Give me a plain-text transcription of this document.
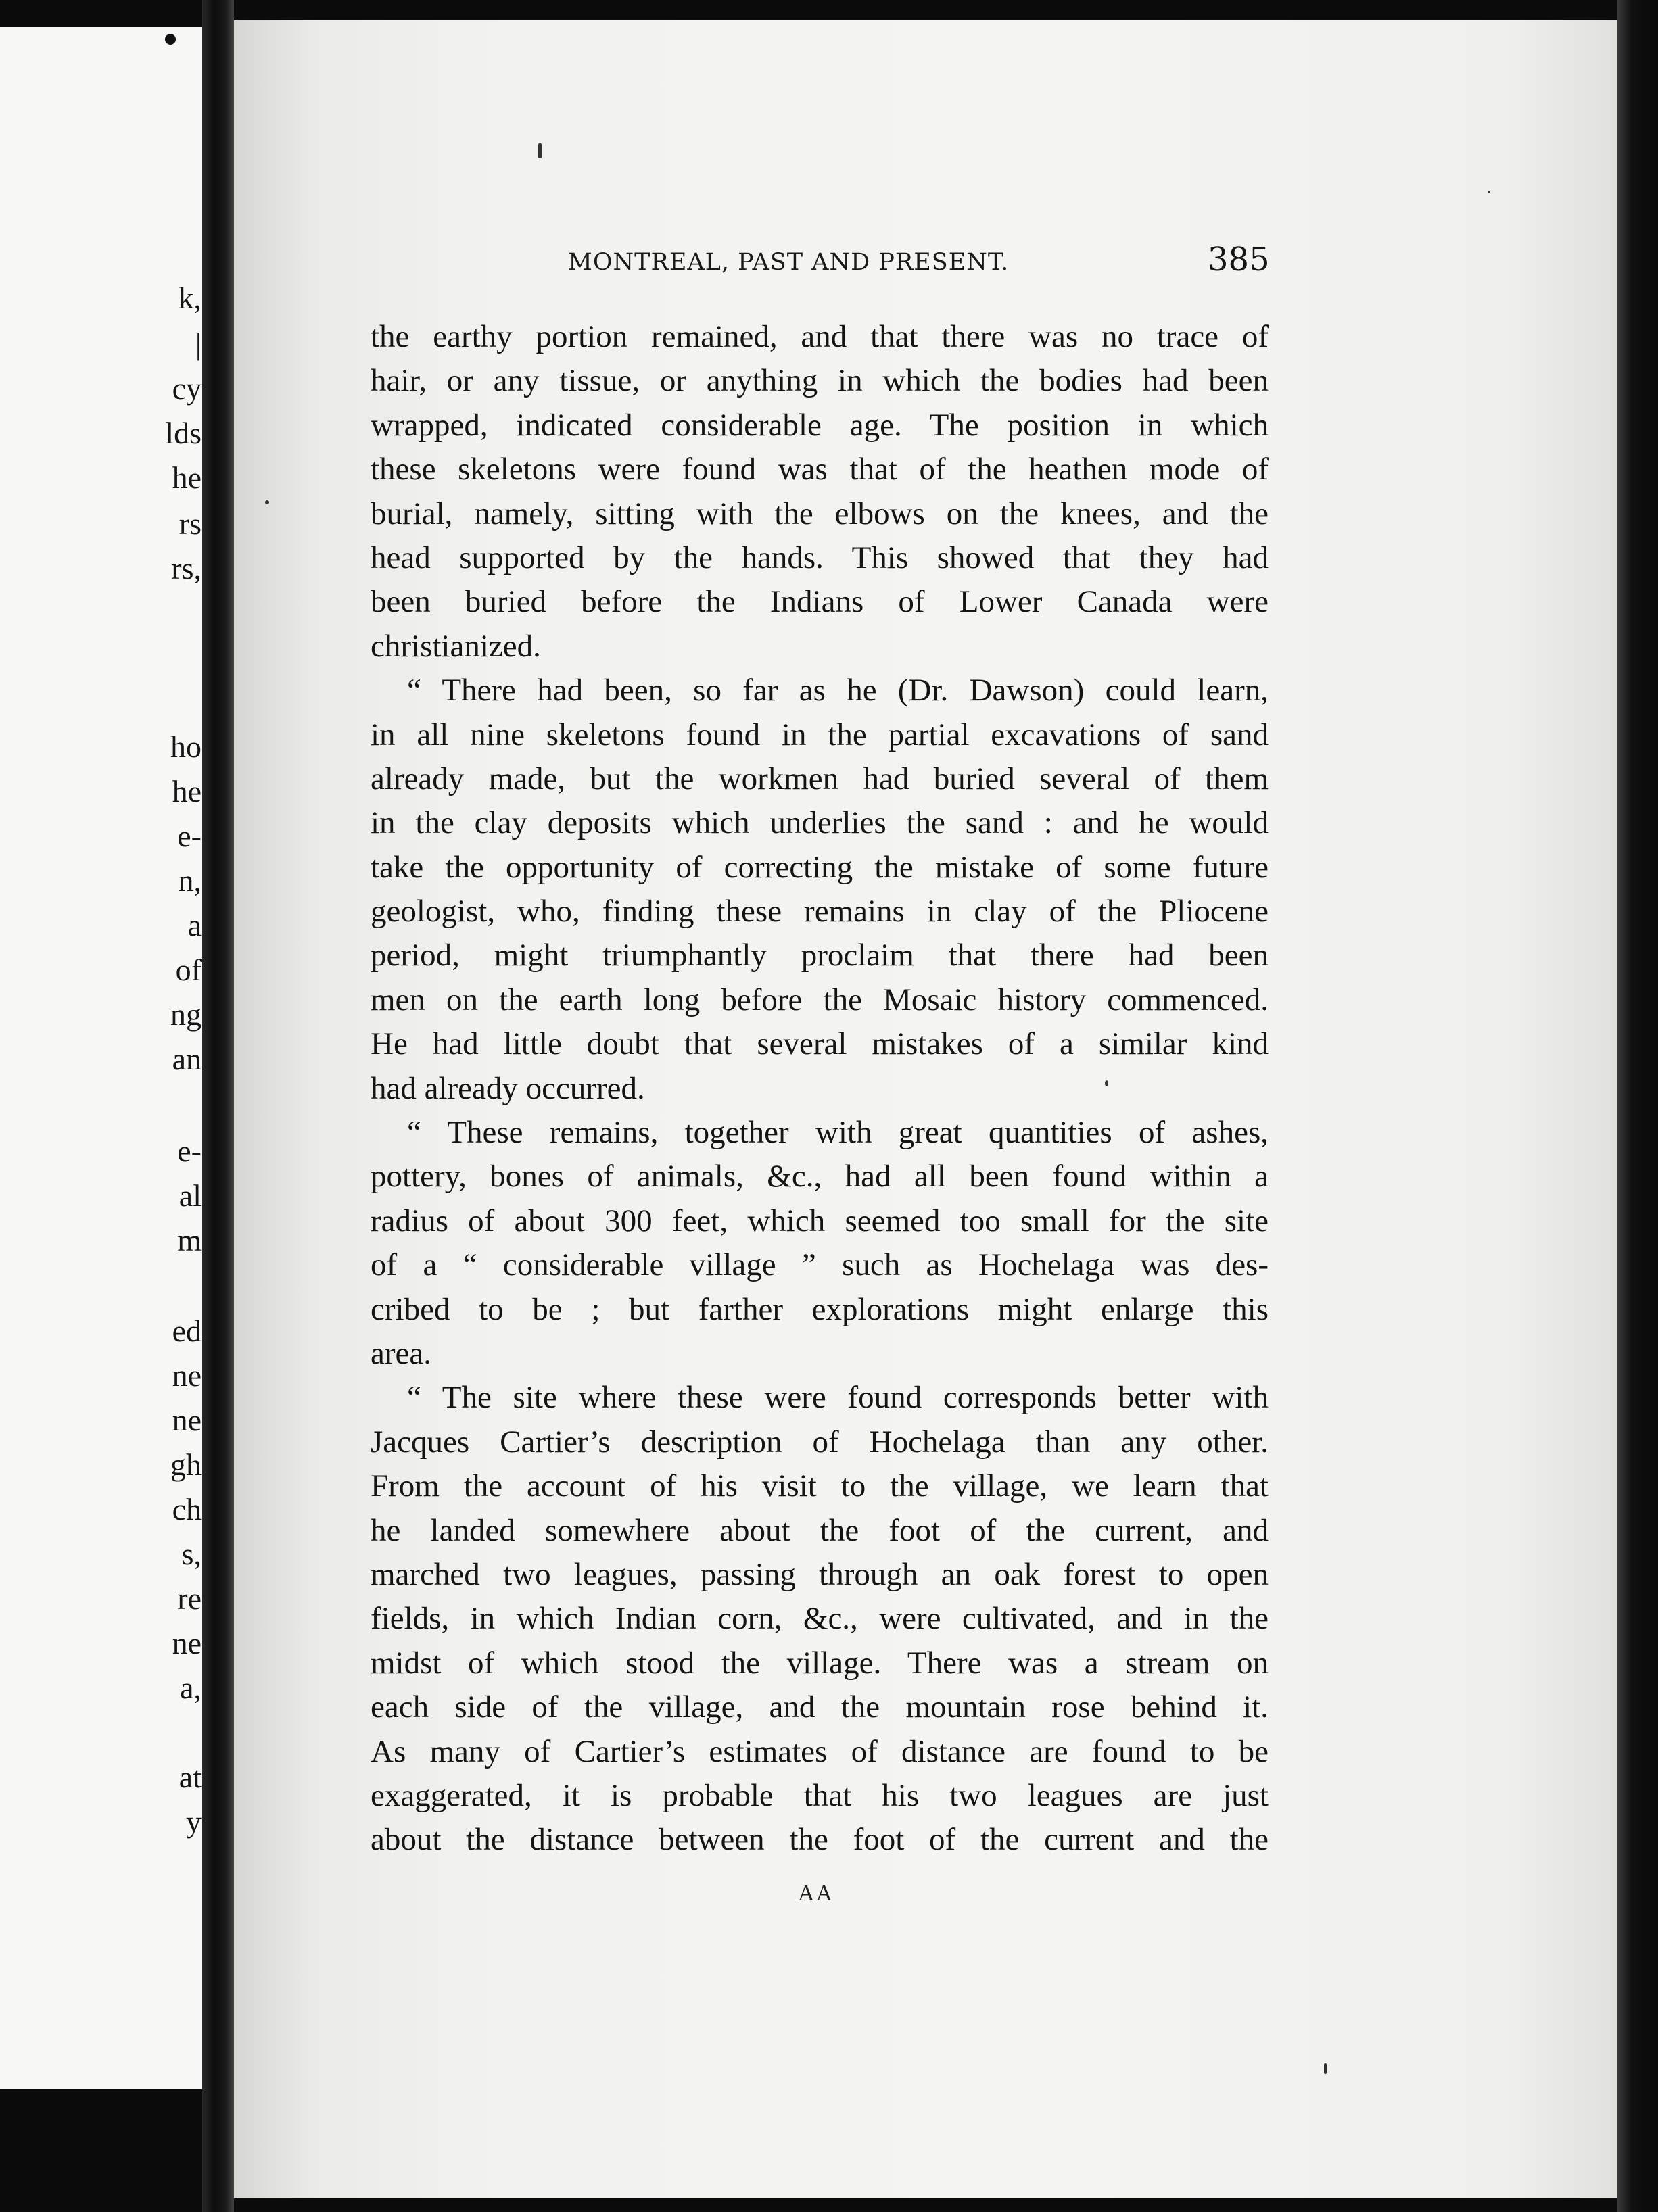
k,
|
cy
lds
he
rs
rs,
ho
he
e-
n,
a
of
ng
an
e-
al
m
ed
ne
ne
gh
ch
s,
re
ne
a,
at
y
MONTREAL, PAST AND PRESENT.	385
the earthy portion remained, and that there was no trace of
hair, or any tissue, or anything in which the bodies had been
wrapped, indicated considerable age. The position in which
these skeletons were found was that of the heathen mode of
burial, namely, sitting with the elbows on the knees, and the
head supported by the hands. This showed that they had
been buried before the Indians of Lower Canada were
christianized.
“ There had been, so far as he (Dr. Dawson) could learn,
in all nine skeletons found in the partial excavations of sand
already made, but the workmen had buried several of them
in the clay deposits which underlies the sand : and he would
take the opportunity of correcting the mistake of some future
geologist, who, finding these remains in clay of the Pliocene
period, might triumphantly proclaim that there had been
men on the earth long before the Mosaic history commenced.
He had little doubt that several mistakes of a similar kind
had already occurred.
“ These remains, together with great quantities of ashes,
pottery, bones of animals, &c., had all been found within a
radius of about 300 feet, which seemed too small for the site
of a “ considerable village ” such as Hochelaga was des-
cribed to be ; but farther explorations might enlarge this
area.
“ The site where these were found corresponds better with
Jacques Cartier’s description of Hochelaga than any other.
From the account of his visit to the village, we learn that
he landed somewhere about the foot of the current, and
marched two leagues, passing through an oak forest to open
fields, in which Indian corn, &c., were cultivated, and in the
midst of which stood the village. There was a stream on
each side of the village, and the mountain rose behind it.
As many of Cartier’s estimates of distance are found to be
exaggerated, it is probable that his two leagues are just
about the distance between the foot of the current and the
AA
